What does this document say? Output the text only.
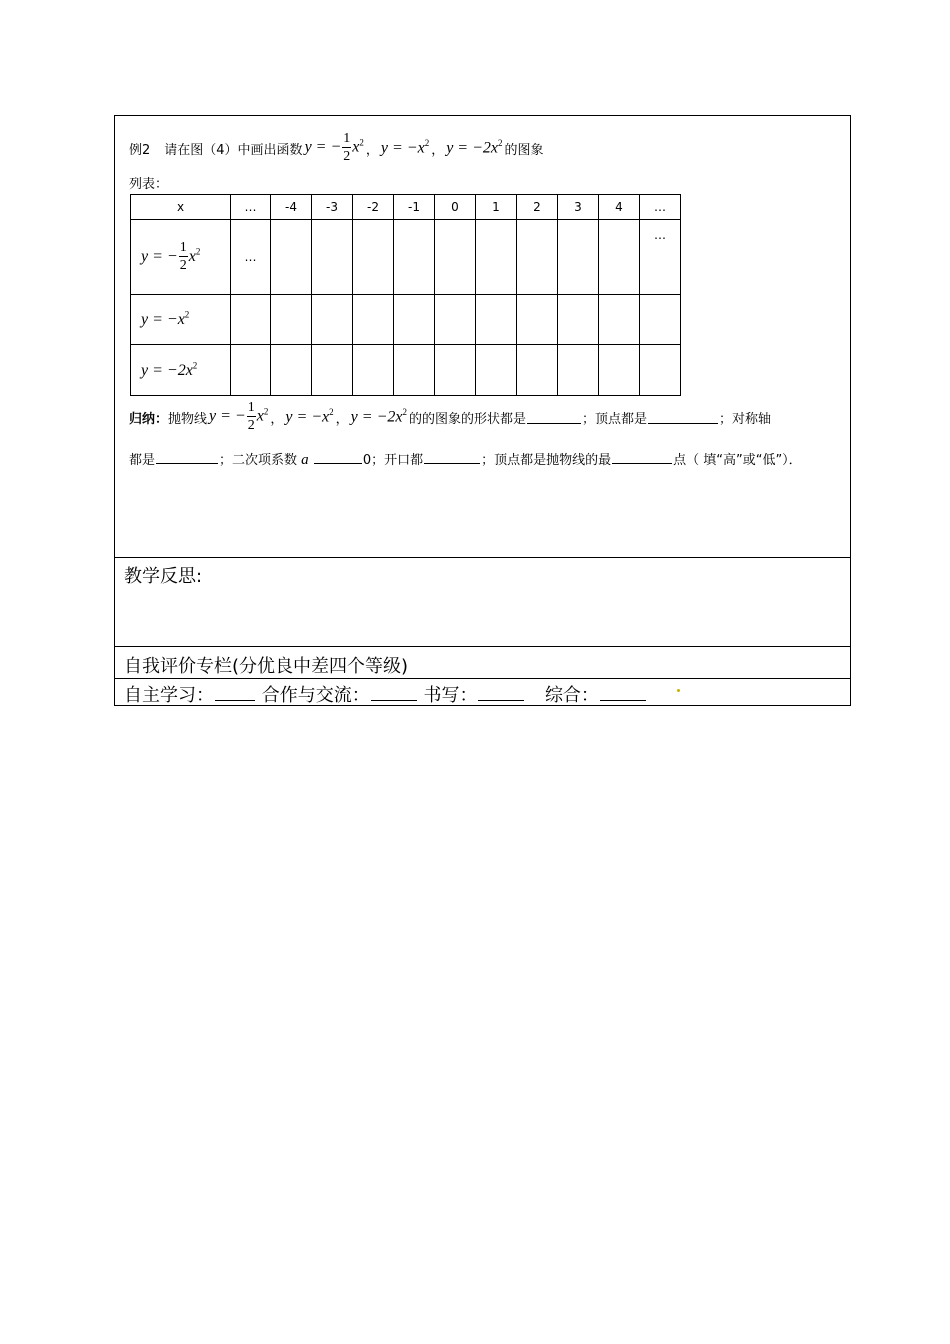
例2 请在图（4）中画出函数 y = − $\frac{1}{2} x^2$
， $y = -x^2$ ， $y = -2x^2$ 的图象
列表：
x	…	-4	-3	-2	-1	0	1	2	3	4	…
y = − $\frac{1}{2} x^2$	…										…
$y = -x^2$											
$y = -2x^2$											
归纳： 抛物线 y = − $\frac{1}{2} x^2$
， $y = -x^2$ ， $y = -2x^2$ 的的图象的形状都是	；顶点都是	；对称轴
都是	；二次项系数 a	0；开口都	；顶点都是抛物线的最	点（ 填“高”或“低”）．
教学反思:
自我评价专栏(分优良中差四个等级)
自主学习：	合作与交流：	书写：	综合：
